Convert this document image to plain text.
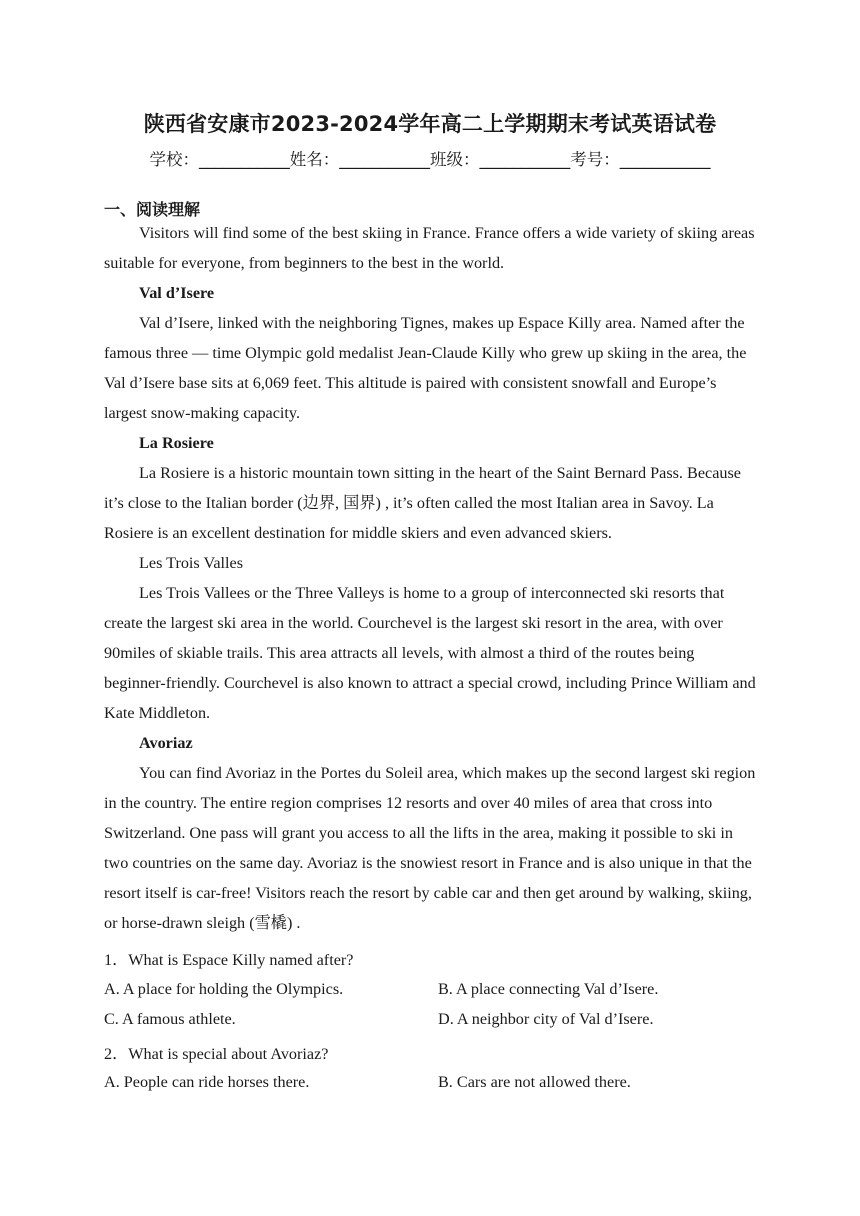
陕西省安康市2023-2024学年高二上学期期末考试英语试卷
学校：___________姓名：___________班级：___________考号：___________
一、阅读理解

Visitors will find some of the best skiing in France. France offers a wide variety of skiing areas suitable for everyone, from beginners to the best in the world.

Val d’Isere

Val d’Isere, linked with the neighboring Tignes, makes up Espace Killy area. Named after the famous three — time Olympic gold medalist Jean-Claude Killy who grew up skiing in the area, the Val d’Isere base sits at 6,069 feet. This altitude is paired with consistent snowfall and Europe’s largest snow-making capacity.

La Rosiere

La Rosiere is a historic mountain town sitting in the heart of the Saint Bernard Pass. Because it’s close to the Italian border (边界, 国界) , it’s often called the most Italian area in Savoy. La Rosiere is an excellent destination for middle skiers and even advanced skiers.

Les Trois Valles

Les Trois Vallees or the Three Valleys is home to a group of interconnected ski resorts that create the largest ski area in the world. Courchevel is the largest ski resort in the area, with over 90miles of skiable trails. This area attracts all levels, with almost a third of the routes being beginner-friendly. Courchevel is also known to attract a special crowd, including Prince William and Kate Middleton.

Avoriaz

You can find Avoriaz in the Portes du Soleil area, which makes up the second largest ski region in the country. The entire region comprises 12 resorts and over 40 miles of area that cross into Switzerland. One pass will grant you access to all the lifts in the area, making it possible to ski in two countries on the same day. Avoriaz is the snowiest resort in France and is also unique in that the resort itself is car-free! Visitors reach the resort by cable car and then get around by walking, skiing, or horse-drawn sleigh (雪橇) .

1．What is Espace Killy named after?
A. A place for holding the Olympics.	B. A place connecting Val d’Isere.
C. A famous athlete.	D. A neighbor city of Val d’Isere.
2．What is special about Avoriaz?
A. People can ride horses there.	B. Cars are not allowed there.
